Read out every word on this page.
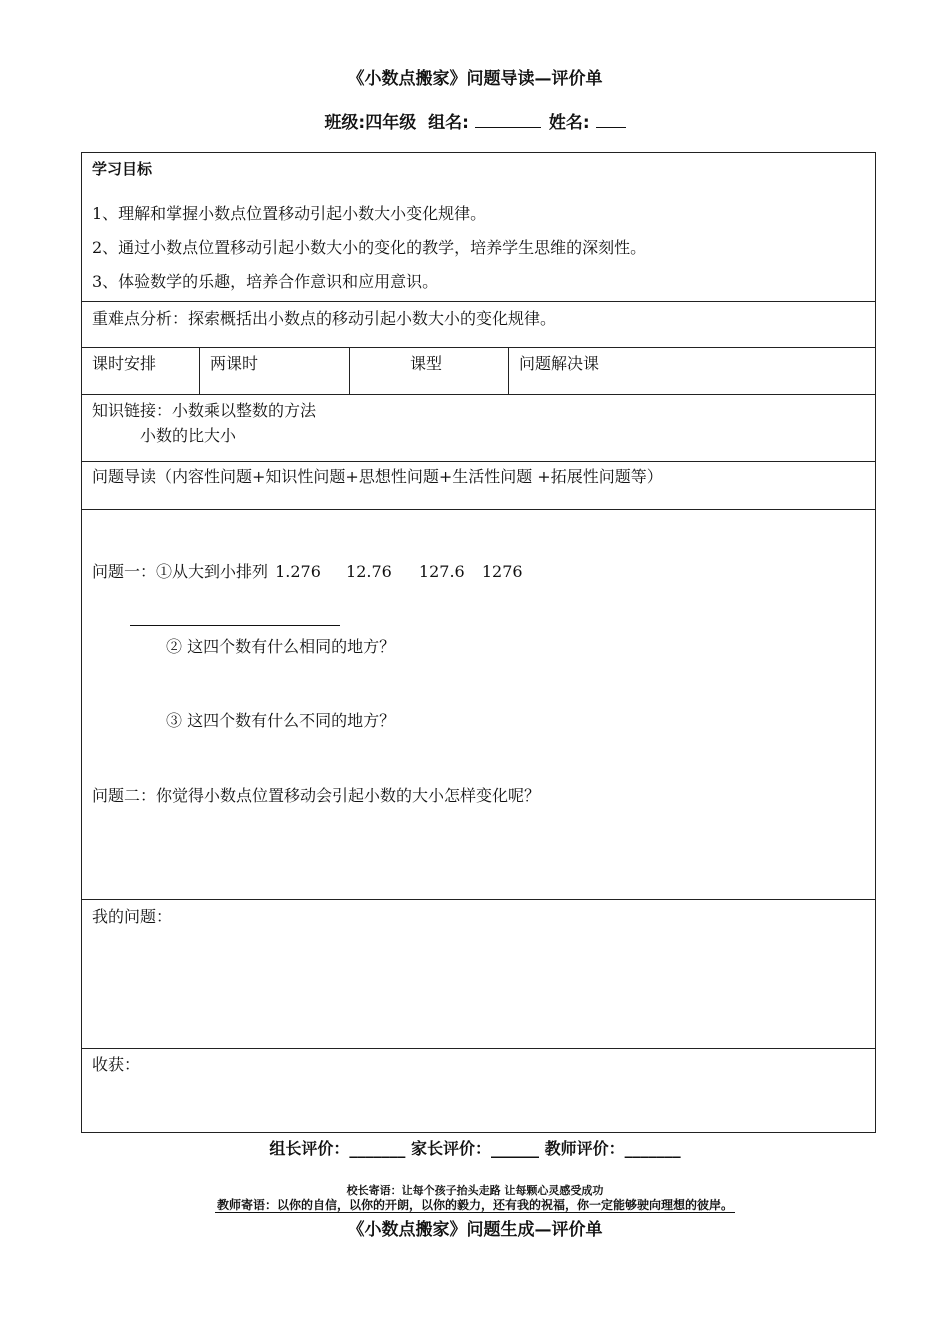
《小数点搬家》问题导读—评价单
班级:四年级 组名:	姓名:
学习目标
1、理解和掌握小数点位置移动引起小数大小变化规律。
2、通过小数点位置移动引起小数大小的变化的教学，培养学生思维的深刻性。
3、体验数学的乐趣，培养合作意识和应用意识。
重难点分析：探索概括出小数点的移动引起小数大小的变化规律。
课时安排	两课时	课型	问题解决课
知识链接：小数乘以整数的方法
小数的比大小
问题导读（内容性问题+知识性问题+思想性问题+生活性问题 +拓展性问题等）
问题一：①从大到小排列 1.276 12.76 127.6 1276
② 这四个数有什么相同的地方？
③ 这四个数有什么不同的地方？
问题二：你觉得小数点位置移动会引起小数的大小怎样变化呢？
我的问题：
收获：
组长评价：_______ 家长评价：______ 教师评价：_______
校长寄语：让每个孩子抬头走路 让每颗心灵感受成功
教师寄语：以你的自信，以你的开朗，以你的毅力，还有我的祝福，你一定能够驶向理想的彼岸。
《小数点搬家》问题生成—评价单
